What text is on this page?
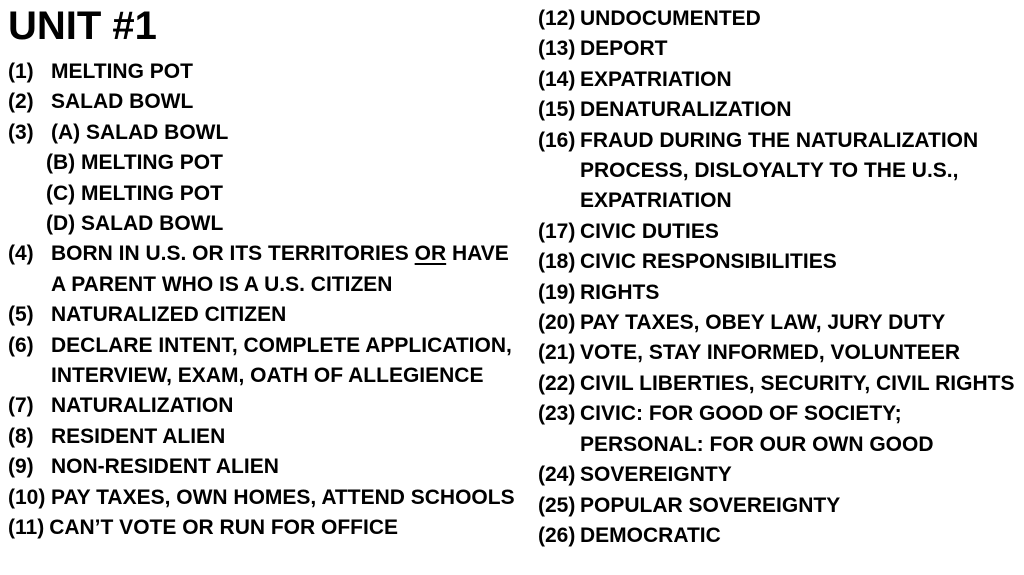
UNIT #1
(1) MELTING POT
(2) SALAD BOWL
(3) (A) SALAD BOWL
(B) MELTING POT
(C) MELTING POT
(D) SALAD BOWL
(4) BORN IN U.S. OR ITS TERRITORIES OR HAVE A PARENT WHO IS A U.S. CITIZEN
(5) NATURALIZED CITIZEN
(6) DECLARE INTENT, COMPLETE APPLICATION, INTERVIEW, EXAM, OATH OF ALLEGIENCE
(7) NATURALIZATION
(8) RESIDENT ALIEN
(9) NON-RESIDENT ALIEN
(10) PAY TAXES, OWN HOMES, ATTEND SCHOOLS
(11) CAN’T VOTE OR RUN FOR OFFICE
(12) UNDOCUMENTED
(13) DEPORT
(14) EXPATRIATION
(15) DENATURALIZATION
(16) FRAUD DURING THE NATURALIZATION PROCESS, DISLOYALTY TO THE U.S., EXPATRIATION
(17) CIVIC DUTIES
(18) CIVIC RESPONSIBILITIES
(19) RIGHTS
(20) PAY TAXES, OBEY LAW, JURY DUTY
(21) VOTE, STAY INFORMED, VOLUNTEER
(22) CIVIL LIBERTIES, SECURITY, CIVIL RIGHTS
(23) CIVIC: FOR GOOD OF SOCIETY;
PERSONAL: FOR OUR OWN GOOD
(24) SOVEREIGNTY
(25) POPULAR SOVEREIGNTY
(26) DEMOCRATIC
